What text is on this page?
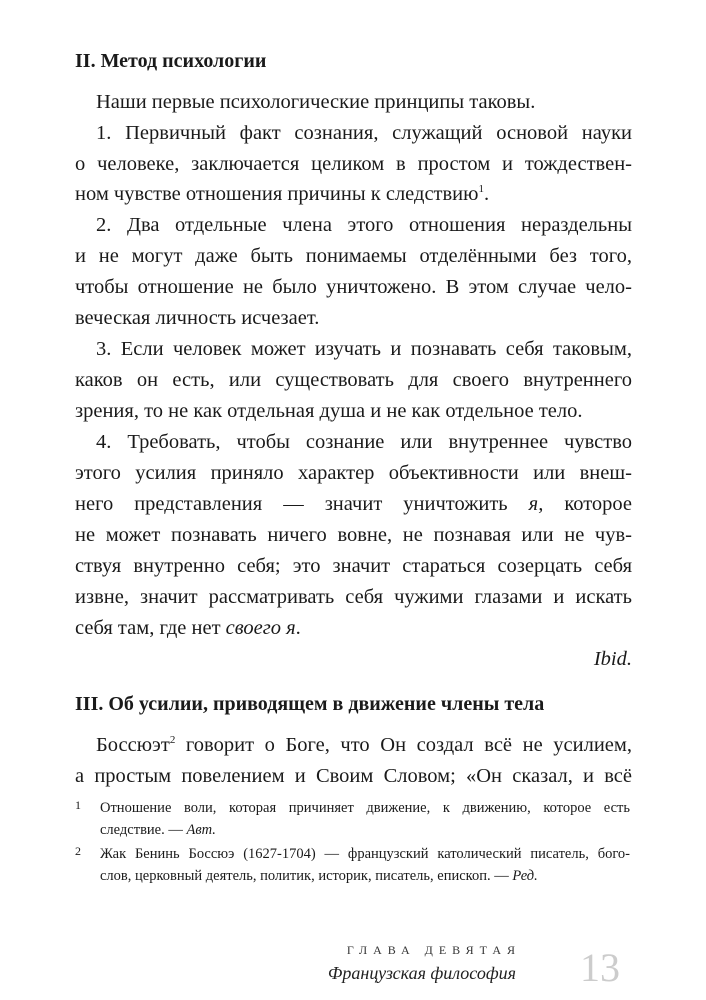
II. Метод психологии
Наши первые психологические принципы таковы.
1. Первичный факт сознания, служащий основой науки
о человеке, заключается целиком в простом и тождествен-
ном чувстве отношения причины к следствию$^1$.
2. Два отдельные члена этого отношения нераздельны
и не могут даже быть понимаемы отделёнными без того,
чтобы отношение не было уничтожено. В этом случае чело-
веческая личность исчезает.
3. Если человек может изучать и познавать себя таковым,
каков он есть, или существовать для своего внутреннего
зрения, то не как отдельная душа и не как отдельное тело.
4. Требовать, чтобы сознание или внутреннее чувство
этого усилия приняло характер объективности или внеш-
него представления — значит уничтожить я, которое
не может познавать ничего вовне, не познавая или не чув-
ствуя внутренно себя; это значит стараться созерцать себя
извне, значит рассматривать себя чужими глазами и искать
себя там, где нет своего я.
Ibid.
III. Об усилии, приводящем в движение члены тела
Боссюэт$^2$ говорит о Боге, что Он создал всё не усилием,
а простым повелением и Своим Словом; «Он сказал, и всё
1 Отношение воли, которая причиняет движение, к движению, которое есть
следствие. — Авт.
2 Жак Бенинь Боссюэ (1627-1704) — французский католический писатель, бого-
слов, церковный деятель, политик, историк, писатель, епископ. — Ред.
ГЛАВА ДЕВЯТАЯ
Французская философия 13
